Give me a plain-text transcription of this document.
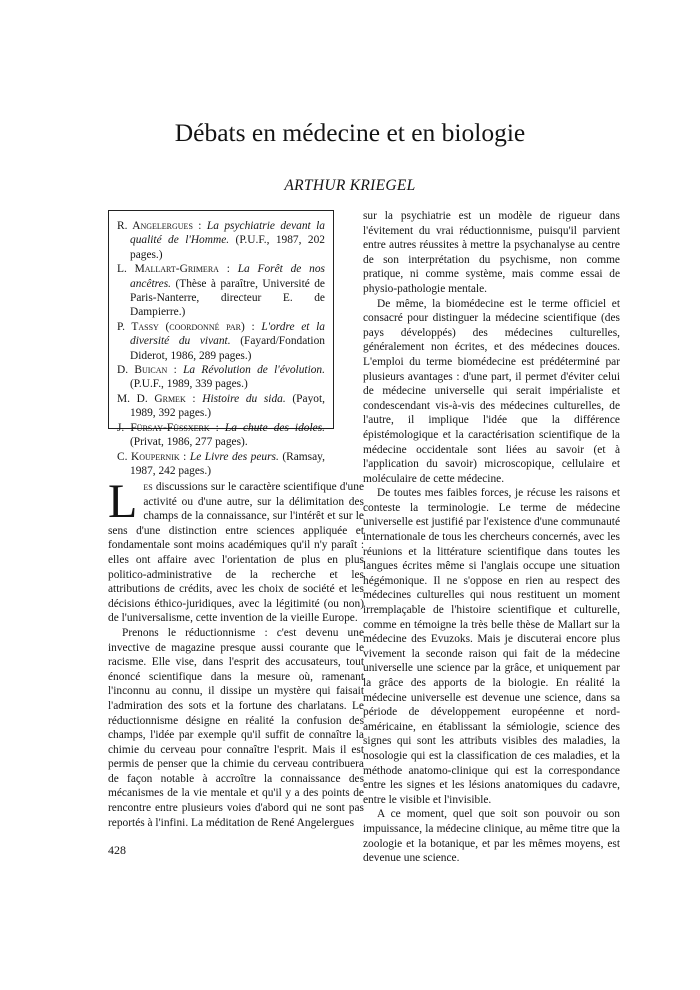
Débats en médecine et en biologie
ARTHUR KRIEGEL

R. Angelergues : La psychiatrie devant la qualité de l'Homme. (P.U.F., 1987, 202 pages.)

L. Mallart-Grimera : La Forêt de nos ancêtres. (Thèse à paraître, Université de Paris-Nanterre, directeur E. de Dampierre.)

P. Tassy (coordonné par) : L'ordre et la diversité du vivant. (Fayard/Fondation Diderot, 1986, 289 pages.)

D. Buican : La Révolution de l'évolution. (P.U.F., 1989, 339 pages.)

M. D. Grmek : Histoire du sida. (Payot, 1989, 392 pages.)

J. Fürsay-Füssxerk : La chute des idoles. (Privat, 1986, 277 pages).

C. Koupernik : Le Livre des peurs. (Ramsay, 1987, 242 pages.)

Les discussions sur le caractère scientifique d'une activité ou d'une autre, sur la délimitation des champs de la connaissance, sur l'intérêt et sur le sens d'une distinction entre sciences appliquée et fondamentale sont moins académiques qu'il n'y paraît : elles ont affaire avec l'orientation de plus en plus politico-administrative de la recherche et les attributions de crédits, avec les choix de société et les décisions éthico-juridiques, avec la légitimité (ou non) de l'universalisme, cette invention de la vieille Europe.

Prenons le réductionnisme : c'est devenu une invective de magazine presque aussi courante que le racisme. Elle vise, dans l'esprit des accusateurs, tout énoncé scientifique dans la mesure où, ramenant l'inconnu au connu, il dissipe un mystère qui faisait l'admiration des sots et la fortune des charlatans. Le réductionnisme désigne en réalité la confusion des champs, l'idée par exemple qu'il suffit de connaître la chimie du cerveau pour connaître l'esprit. Mais il est permis de penser que la chimie du cerveau contribuera de façon notable à accroître la connaissance des mécanismes de la vie mentale et qu'il y a des points de rencontre entre plusieurs voies d'abord qui ne sont pas reportés à l'infini. La méditation de René Angelergues

sur la psychiatrie est un modèle de rigueur dans l'évitement du vrai réductionnisme, puisqu'il parvient entre autres réussites à mettre la psychanalyse au centre de son interprétation du psychisme, non comme pratique, ni comme système, mais comme essai de physio-pathologie mentale.

De même, la biomédecine est le terme officiel et consacré pour distinguer la médecine scientifique (des pays développés) des médecines culturelles, généralement non écrites, et des médecines douces. L'emploi du terme biomédecine est prédéterminé par plusieurs avantages : d'une part, il permet d'éviter celui de médecine universelle qui serait impérialiste et condescendant vis-à-vis des médecines culturelles, de l'autre, il implique l'idée que la différence épistémologique et la caractérisation scientifique de la médecine occidentale sont liées au savoir (et à l'application du savoir) microscopique, cellulaire et moléculaire de cette médecine.

De toutes mes faibles forces, je récuse les raisons et conteste la terminologie. Le terme de médecine universelle est justifié par l'existence d'une communauté internationale de tous les chercheurs concernés, avec les réunions et la littérature scientifique dans toutes les langues écrites même si l'anglais occupe une situation hégémonique. Il ne s'oppose en rien au respect des médecines culturelles qui nous restituent un moment irremplaçable de l'histoire scientifique et culturelle, comme en témoigne la très belle thèse de Mallart sur la médecine des Evuzoks. Mais je discuterai encore plus vivement la seconde raison qui fait de la médecine universelle une science par la grâce, et uniquement par la grâce des apports de la biologie. En réalité la médecine universelle est devenue une science, dans sa période de développement européenne et nord-américaine, en établissant la sémiologie, science des signes qui sont les attributs visibles des maladies, la nosologie qui est la classification de ces maladies, et la méthode anatomo-clinique qui est la correspondance entre les signes et les lésions anatomiques du cadavre, entre le visible et l'invisible.

A ce moment, quel que soit son pouvoir ou son impuissance, la médecine clinique, au même titre que la zoologie et la botanique, et par les mêmes moyens, est devenue une science.

428
